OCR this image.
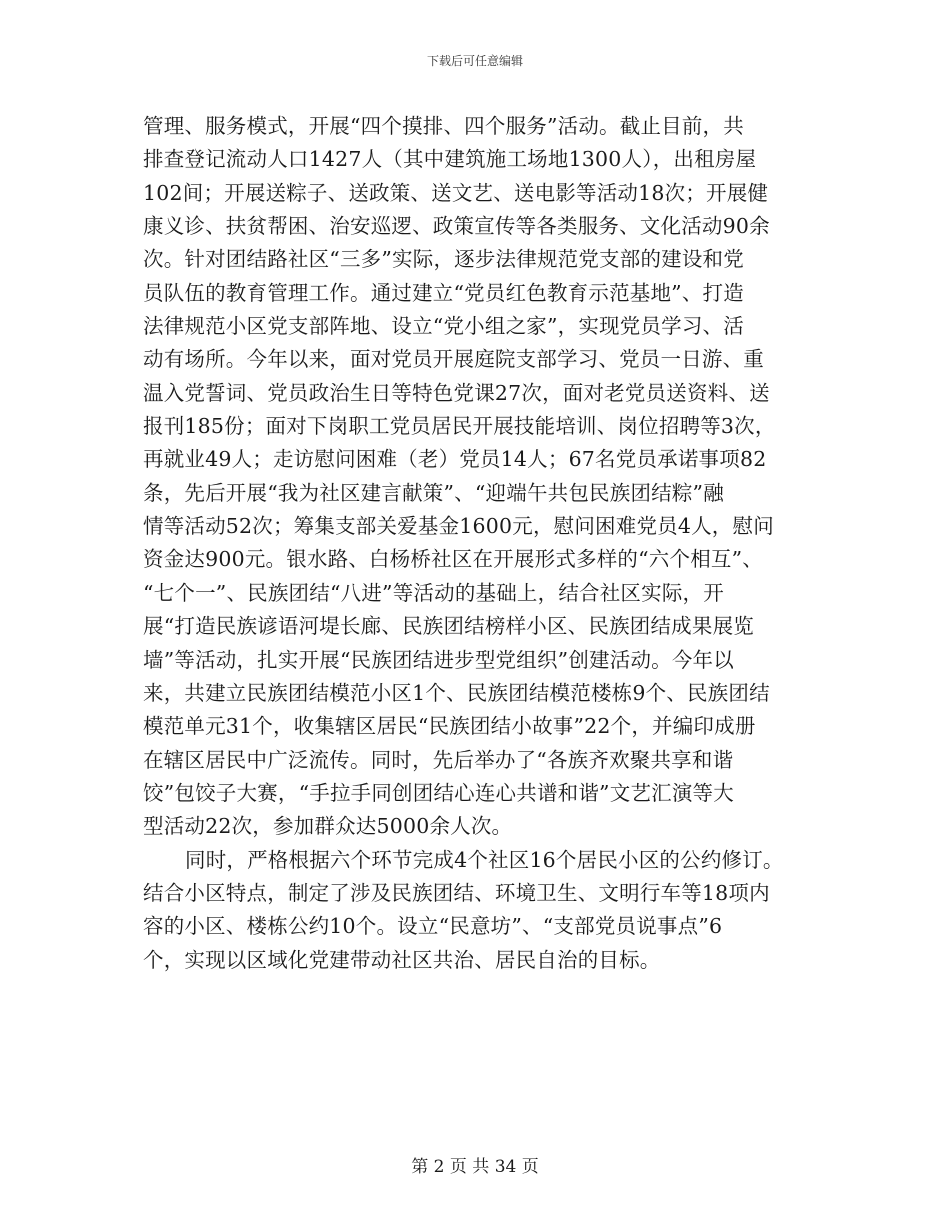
下载后可任意编辑

管理、服务模式，开展“四个摸排、四个服务”活动。截止目前，共
排查登记流动人口1427人（其中建筑施工场地1300人），出租房屋
102间；开展送粽子、送政策、送文艺、送电影等活动18次；开展健
康义诊、扶贫帮困、治安巡逻、政策宣传等各类服务、文化活动90余
次。针对团结路社区“三多”实际，逐步法律规范党支部的建设和党
员队伍的教育管理工作。通过建立“党员红色教育示范基地”、打造
法律规范小区党支部阵地、设立“党小组之家”，实现党员学习、活
动有场所。今年以来，面对党员开展庭院支部学习、党员一日游、重
温入党誓词、党员政治生日等特色党课27次，面对老党员送资料、送
报刊185份；面对下岗职工党员居民开展技能培训、岗位招聘等3次，
再就业49人；走访慰问困难（老）党员14人；67名党员承诺事项82
条，先后开展“我为社区建言献策”、“迎端午共包民族团结粽”融
情等活动52次；筹集支部关爱基金1600元，慰问困难党员4人，慰问
资金达900元。银水路、白杨桥社区在开展形式多样的“六个相互”、
“七个一”、民族团结“八进”等活动的基础上，结合社区实际，开
展“打造民族谚语河堤长廊、民族团结榜样小区、民族团结成果展览
墙”等活动，扎实开展“民族团结进步型党组织”创建活动。今年以
来，共建立民族团结模范小区1个、民族团结模范楼栋9个、民族团结
模范单元31个，收集辖区居民“民族团结小故事”22个，并编印成册
在辖区居民中广泛流传。同时，先后举办了“各族齐欢聚共享和谐
饺”包饺子大赛，“手拉手同创团结心连心共谱和谐”文艺汇演等大
型活动22次，参加群众达5000余人次。

同时，严格根据六个环节完成4个社区16个居民小区的公约修订。
结合小区特点，制定了涉及民族团结、环境卫生、文明行车等18项内
容的小区、楼栋公约10个。设立“民意坊”、“支部党员说事点”6
个，实现以区域化党建带动社区共治、居民自治的目标。

第 2 页 共 34 页
